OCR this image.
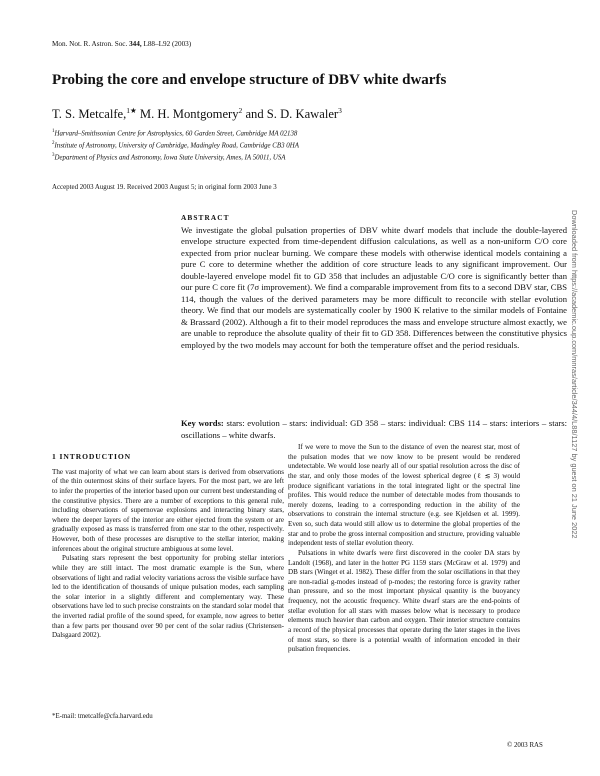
Mon. Not. R. Astron. Soc. 344, L88–L92 (2003)
Probing the core and envelope structure of DBV white dwarfs
T. S. Metcalfe,$^{1★}$ M. H. Montgomery$^2$ and S. D. Kawaler$^3$
$^1$Harvard–Smithsonian Centre for Astrophysics, 60 Garden Street, Cambridge MA 02138
$^2$Institute of Astronomy, University of Cambridge, Madingley Road, Cambridge CB3 0HA
$^3$Department of Physics and Astronomy, Iowa State University, Ames, IA 50011, USA
Accepted 2003 August 19. Received 2003 August 5; in original form 2003 June 3
ABSTRACT
We investigate the global pulsation properties of DBV white dwarf models that include the double-layered envelope structure expected from time-dependent diffusion calculations, as well as a non-uniform C/O core expected from prior nuclear burning. We compare these models with otherwise identical models containing a pure C core to determine whether the addition of core structure leads to any significant improvement. Our double-layered envelope model fit to GD 358 that includes an adjustable C/O core is significantly better than our pure C core fit (7σ improvement). We find a comparable improvement from fits to a second DBV star, CBS 114, though the values of the derived parameters may be more difficult to reconcile with stellar evolution theory. We find that our models are systematically cooler by 1900 K relative to the similar models of Fontaine & Brassard (2002). Although a fit to their model reproduces the mass and envelope structure almost exactly, we are unable to reproduce the absolute quality of their fit to GD 358. Differences between the constitutive physics employed by the two models may account for both the temperature offset and the period residuals.
Key words: stars: evolution – stars: individual: GD 358 – stars: individual: CBS 114 – stars: interiors – stars: oscillations – white dwarfs.
1 INTRODUCTION

The vast majority of what we can learn about stars is derived from observations of the thin outermost skins of their surface layers. For the most part, we are left to infer the properties of the interior based upon our current best understanding of the constitutive physics. There are a number of exceptions to this general rule, including observations of supernovae explosions and interacting binary stars, where the deeper layers of the interior are either ejected from the system or are gradually exposed as mass is transferred from one star to the other, respectively. However, both of these processes are disruptive to the stellar interior, making inferences about the original structure ambiguous at some level.

Pulsating stars represent the best opportunity for probing stellar interiors while they are still intact. The most dramatic example is the Sun, where observations of light and radial velocity variations across the visible surface have led to the identification of thousands of unique pulsation modes, each sampling the solar interior in a slightly different and complementary way. These observations have led to such precise constraints on the standard solar model that the inverted radial profile of the sound speed, for example, now agrees to better than a few parts per thousand over 90 per cent of the solar radius (Christensen-Dalsgaard 2002).

If we were to move the Sun to the distance of even the nearest star, most of the pulsation modes that we now know to be present would be rendered undetectable. We would lose nearly all of our spatial resolution across the disc of the star, and only those modes of the lowest spherical degree (ℓ ≲ 3) would produce significant variations in the total integrated light or the spectral line profiles. This would reduce the number of detectable modes from thousands to merely dozens, leading to a corresponding reduction in the ability of the observations to constrain the internal structure (e.g. see Kjeldsen et al. 1999). Even so, such data would still allow us to determine the global properties of the star and to probe the gross internal composition and structure, providing valuable independent tests of stellar evolution theory.

Pulsations in white dwarfs were first discovered in the cooler DA stars by Landolt (1968), and later in the hotter PG 1159 stars (McGraw et al. 1979) and DB stars (Winget et al. 1982). These differ from the solar oscillations in that they are non-radial g-modes instead of p-modes; the restoring force is gravity rather than pressure, and so the most important physical quantity is the buoyancy frequency, not the acoustic frequency. White dwarf stars are the end-points of stellar evolution for all stars with masses below what is necessary to produce elements much heavier than carbon and oxygen. Their interior structure contains a record of the physical processes that operate during the later stages in the lives of most stars, so there is a potential wealth of information encoded in their pulsation frequencies.

*E-mail: tmetcalfe@cfa.harvard.edu
© 2003 RAS
Downloaded from https://academic.oup.com/mnras/article/344/4/L88/1127 by guest on 21 June 2022
